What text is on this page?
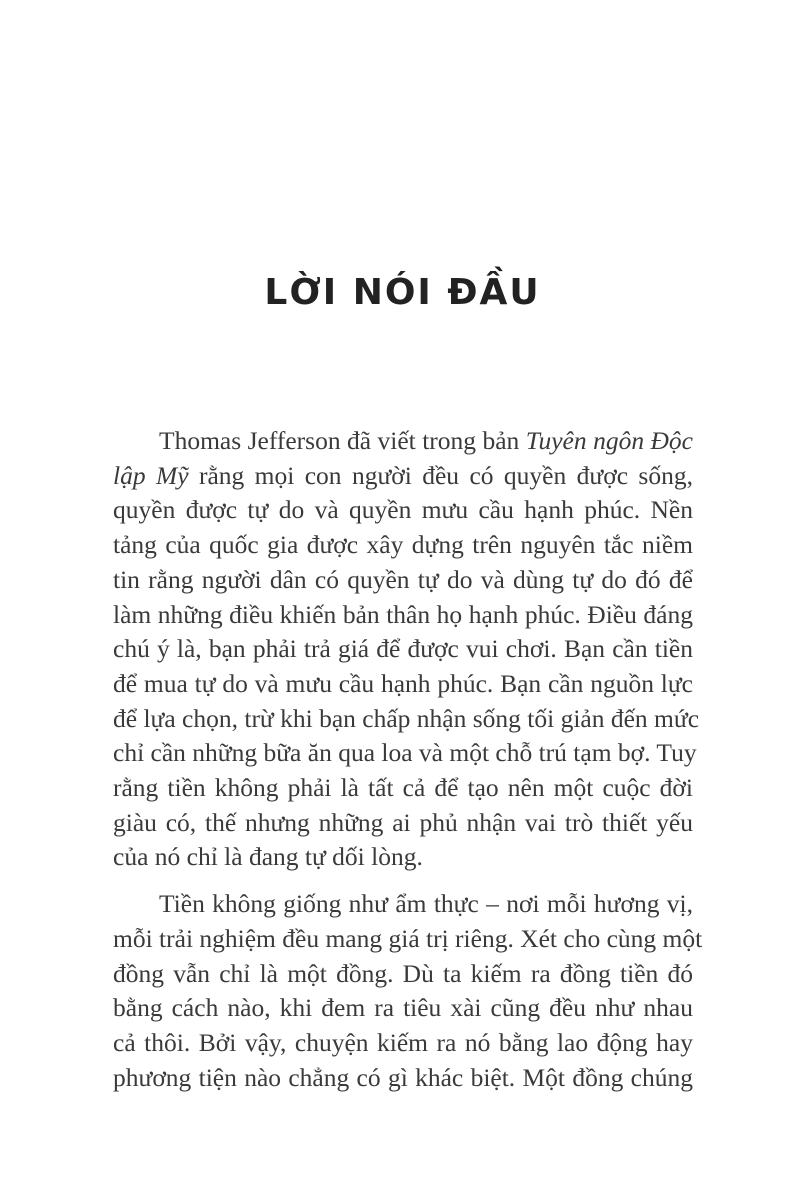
LỜI NÓI ĐẦU
Thomas Jefferson đã viết trong bản Tuyên ngôn Độc
lập Mỹ rằng mọi con người đều có quyền được sống,
quyền được tự do và quyền mưu cầu hạnh phúc. Nền
tảng của quốc gia được xây dựng trên nguyên tắc niềm
tin rằng người dân có quyền tự do và dùng tự do đó để
làm những điều khiến bản thân họ hạnh phúc. Điều đáng
chú ý là, bạn phải trả giá để được vui chơi. Bạn cần tiền
để mua tự do và mưu cầu hạnh phúc. Bạn cần nguồn lực
để lựa chọn, trừ khi bạn chấp nhận sống tối giản đến mức
chỉ cần những bữa ăn qua loa và một chỗ trú tạm bợ. Tuy
rằng tiền không phải là tất cả để tạo nên một cuộc đời
giàu có, thế nhưng những ai phủ nhận vai trò thiết yếu
của nó chỉ là đang tự dối lòng.
Tiền không giống như ẩm thực – nơi mỗi hương vị,
mỗi trải nghiệm đều mang giá trị riêng. Xét cho cùng một
đồng vẫn chỉ là một đồng. Dù ta kiếm ra đồng tiền đó
bằng cách nào, khi đem ra tiêu xài cũng đều như nhau
cả thôi. Bởi vậy, chuyện kiếm ra nó bằng lao động hay
phương tiện nào chẳng có gì khác biệt. Một đồng chúng
